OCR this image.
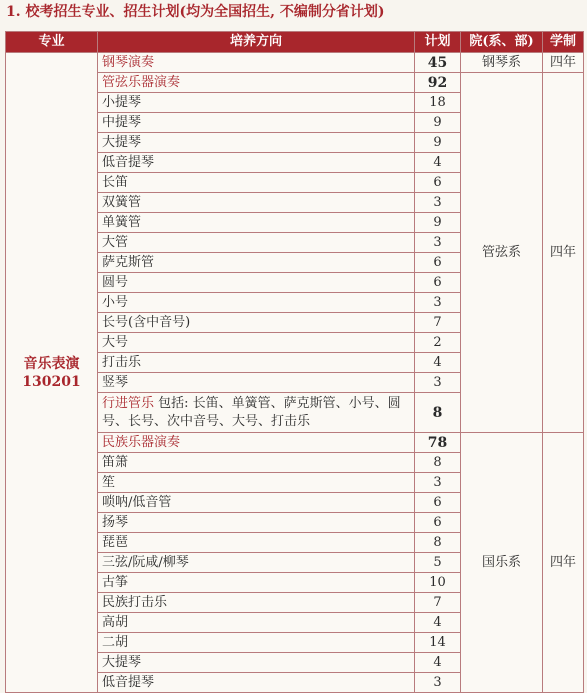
1. 校考招生专业、招生计划(均为全国招生, 不编制分省计划)
专业	培养方向	计划	院(系、部)	学制

音乐表演
130201	钢琴演奏	45	钢琴系	四年
	管弦乐器演奏	92	管弦系	四年
	小提琴	18		
	中提琴	9		
	大提琴	9		
	低音提琴	4		
	长笛	6		
	双簧管	3		
	单簧管	9		
	大管	3		
	萨克斯管	6		
	圆号	6		
	小号	3		
	长号(含中音号)	7		
	大号	2		
	打击乐	4		
	竖琴	3		
	行进管乐 包括: 长笛、单簧管、萨克斯管、小号、圆号、长号、次中音号、大号、打击乐	8		
	民族乐器演奏	78	国乐系	四年
	笛箫	8		
	笙	3		
	唢呐/低音管	6		
	扬琴	6		
	琵琶	8		
	三弦/阮咸/柳琴	5		
	古筝	10		
	民族打击乐	7		
	高胡	4		
	二胡	14		
	大提琴	4		
	低音提琴	3		
